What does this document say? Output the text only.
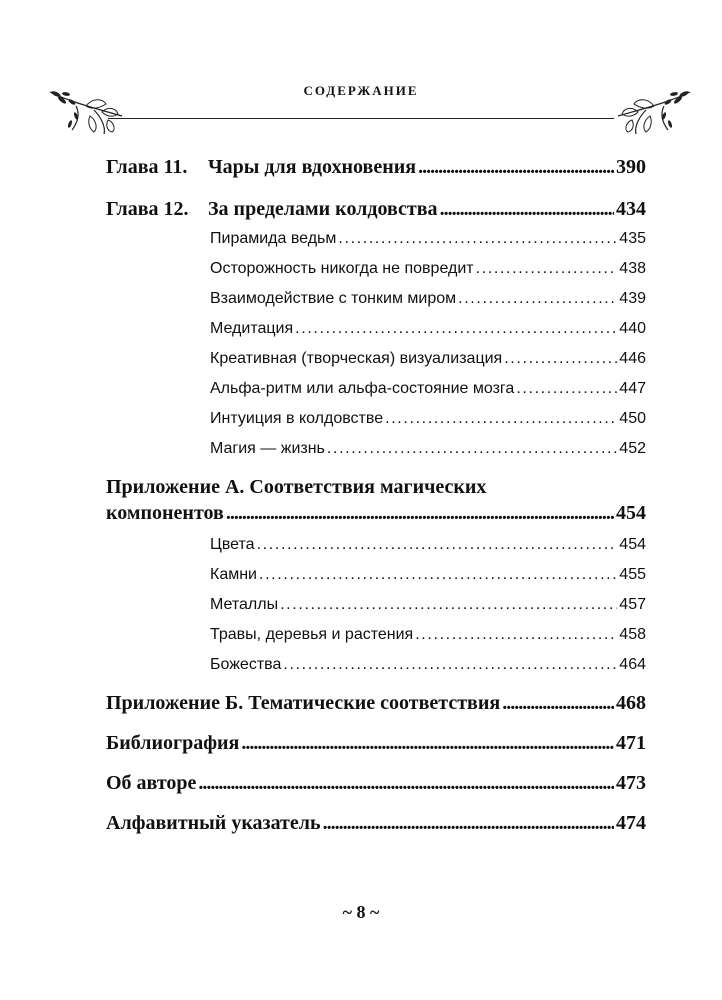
СОДЕРЖАНИЕ
Глава 11. Чары для вдохновения . . .	390
Глава 12. За пределами колдовства . . .	434
Пирамида ведьм . . .	435
Осторожность никогда не повредит . . .	438
Взаимодействие с тонким миром . . .	439
Медитация . . .	440
Креативная (творческая) визуализация . . .	446
Альфа-ритм или альфа-состояние мозга . . .	447
Интуиция в колдовстве . . .	450
Магия — жизнь . . .	452
Приложение А. Соответствия магических
компонентов . . .	454
Цвета . . .	454
Камни . . .	455
Металлы . . .	457
Травы, деревья и растения . . .	458
Божества . . .	464
Приложение Б. Тематические соответствия . . .	468
Библиография . . .	471
Об автоpе . . .	473
Алфавитный указатель . . .	474
~ 8 ~
